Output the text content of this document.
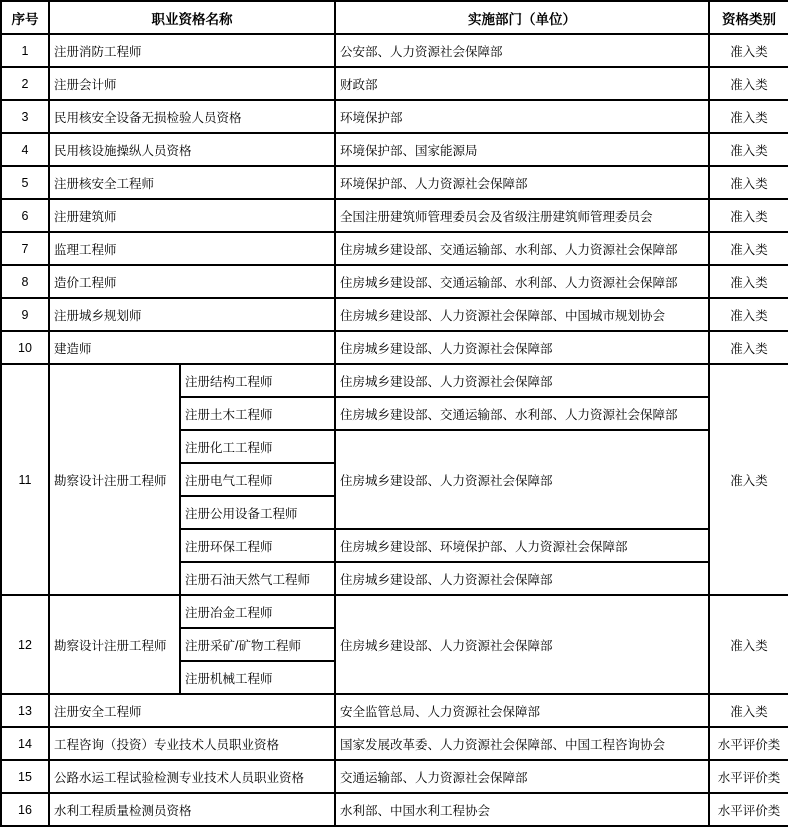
序号	职业资格名称		实施部门（单位）	资格类别
1	注册消防工程师		公安部、人力资源社会保障部	准入类
2	注册会计师		财政部	准入类
3	民用核安全设备无损检验人员资格		环境保护部	准入类
4	民用核设施操纵人员资格		环境保护部、国家能源局	准入类
5	注册核安全工程师		环境保护部、人力资源社会保障部	准入类
6	注册建筑师		全国注册建筑师管理委员会及省级注册建筑师管理委员会	准入类
7	监理工程师		住房城乡建设部、交通运输部、水利部、人力资源社会保障部	准入类
8	造价工程师		住房城乡建设部、交通运输部、水利部、人力资源社会保障部	准入类
9	注册城乡规划师		住房城乡建设部、人力资源社会保障部、中国城市规划协会	准入类
10	建造师		住房城乡建设部、人力资源社会保障部	准入类
11	勘察设计注册工程师	注册结构工程师	住房城乡建设部、人力资源社会保障部	准入类
		注册土木工程师	住房城乡建设部、交通运输部、水利部、人力资源社会保障部	
		注册化工工程师	住房城乡建设部、人力资源社会保障部	
		注册电气工程师		
		注册公用设备工程师		
		注册环保工程师	住房城乡建设部、环境保护部、人力资源社会保障部	
		注册石油天然气工程师	住房城乡建设部、人力资源社会保障部	
12	勘察设计注册工程师	注册冶金工程师	住房城乡建设部、人力资源社会保障部	准入类
		注册采矿/矿物工程师		
		注册机械工程师		
13	注册安全工程师		安全监管总局、人力资源社会保障部	准入类
14	工程咨询（投资）专业技术人员职业资格		国家发展改革委、人力资源社会保障部、中国工程咨询协会	水平评价类
15	公路水运工程试验检测专业技术人员职业资格		交通运输部、人力资源社会保障部	水平评价类
16	水利工程质量检测员资格		水利部、中国水利工程协会	水平评价类
